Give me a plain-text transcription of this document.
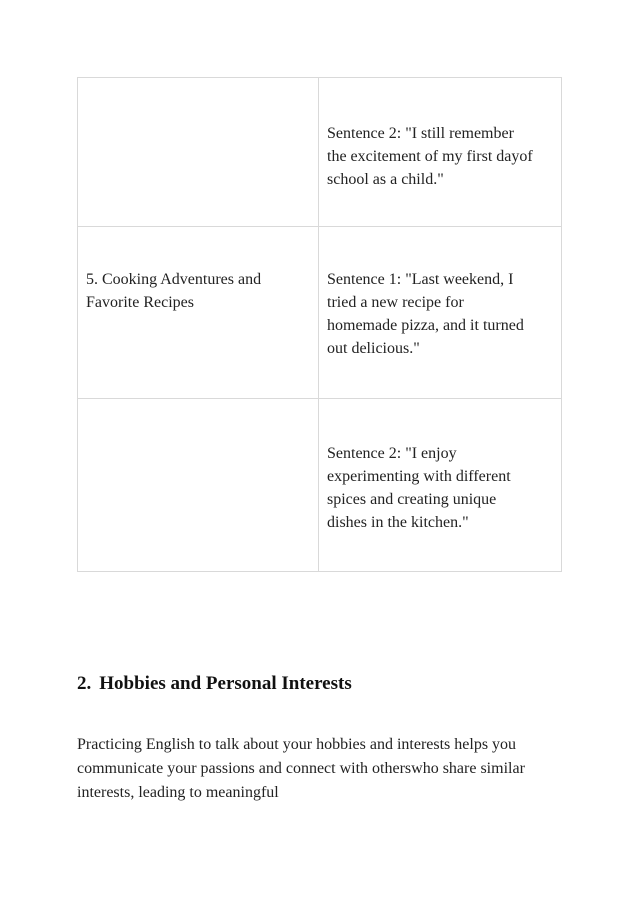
	Sentence 2: "I still remember
the excitement of my first dayof
school as a child."

5. Cooking Adventures and
Favorite Recipes	Sentence 1: "Last weekend, I
tried a new recipe for
homemade pizza, and it turned
out delicious."

	Sentence 2: "I enjoy
experimenting with different
spices and creating unique
dishes in the kitchen."

2. Hobbies and Personal Interests

Practicing English to talk about your hobbies and interests helps you
communicate your passions and connect with otherswho share similar
interests, leading to meaningful
